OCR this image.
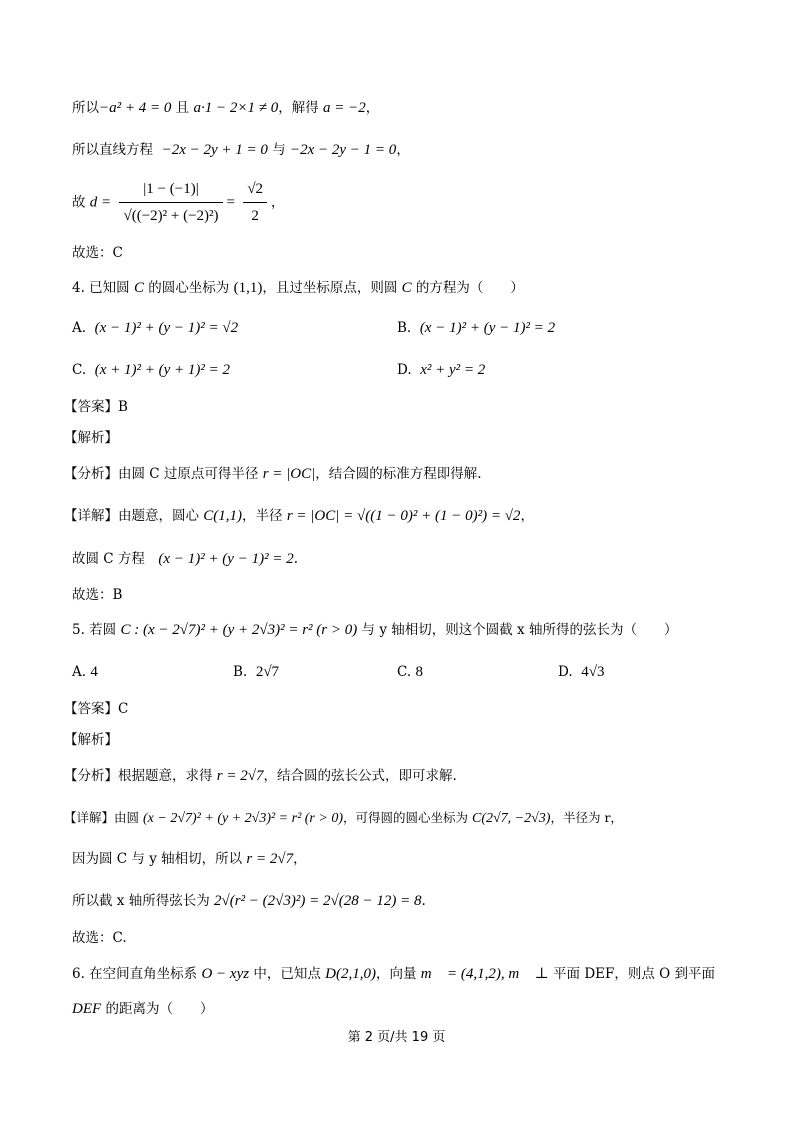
所以−a² + 4 = 0 且 a·1 − 2×1 ≠ 0，解得 a = −2，
所以直线方程 −2x − 2y + 1 = 0 与 −2x − 2y − 1 = 0，
故 $d = \frac{|1 - (-1)|}{\text{√((−2)² + (−2)²)}} = \frac{√2}{2}$ ，
故选：C
4. 已知圆 C 的圆心坐标为 (1,1)，且过坐标原点，则圆 C 的方程为（　　）
A. (x − 1)² + (y − 1)² = √2	B. (x − 1)² + (y − 1)² = 2
C. (x + 1)² + (y + 1)² = 2	D. x² + y² = 2
【答案】B
【解析】
【分析】由圆 C 过原点可得半径 r = |OC|，结合圆的标准方程即得解.
【详解】由题意，圆心 C(1,1)，半径 r = |OC| = √((1 − 0)² + (1 − 0)²) = √2，
故圆 C 方程　(x − 1)² + (y − 1)² = 2.
故选：B
5. 若圆 C : (x − 2√7)² + (y + 2√3)² = r² (r > 0) 与 y 轴相切，则这个圆截 x 轴所得的弦长为（　　）
A. 4	B. 2√7	C. 8	D. 4√3
【答案】C
【解析】
【分析】根据题意，求得 r = 2√7，结合圆的弦长公式，即可求解.
【详解】由圆 (x − 2√7)² + (y + 2√3)² = r² (r > 0)，可得圆的圆心坐标为 C(2√7, −2√3)，半径为 r，
因为圆 C 与 y 轴相切，所以 r = 2√7，
所以截 x 轴所得弦长为 2√(r² − (2√3)²) = 2√(28 − 12) = 8.
故选：C.
6. 在空间直角坐标系 O − xyz 中，已知点 D(2,1,0)，向量 m⃗ = (4,1,2), m⃗ ⊥ 平面 DEF，则点 O 到平面
DEF 的距离为（　　）
第 2 页/共 19 页
